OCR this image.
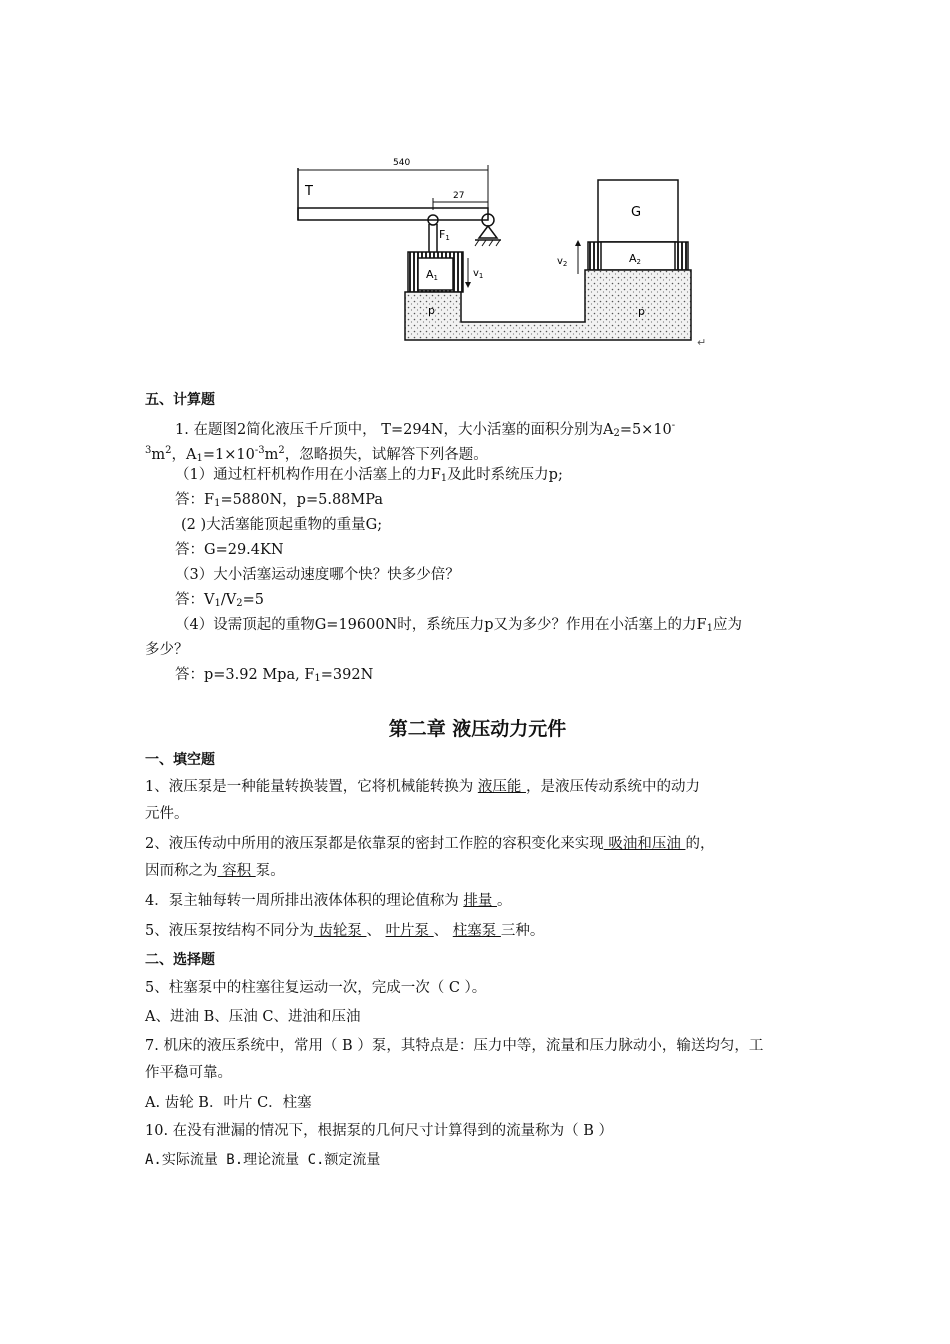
540
27
T
F1
A1	$v_1$
G
A2
$v_2$
p	p
↵
五、计算题
1. 在题图2简化液压千斤顶中， T=294N，大小活塞的面积分别为$A_2=5\times 10^-$
$^3m^2$，$A_1=1\times 10^{-3}m^2$，忽略损失，试解答下列各题。
（1）通过杠杆机构作用在小活塞上的力$F_1$及此时系统压力p;
答：$F_1=5880N$，p=5.88MPa
(2 )大活塞能顶起重物的重量G;
答：G=29.4KN
（3）大小活塞运动速度哪个快？快多少倍？
答：$V_1/V_2=5$
（4）设需顶起的重物G=19600N时，系统压力p又为多少？作用在小活塞上的力$F_1$应为
多少？
答：p=3.92 Mpa, $F_1=392N$
第二章 液压动力元件
一、填空题
1、液压泵是一种能量转换装置，它将机械能转换为 液压能 ，是液压传动系统中的动力
元件。
2、液压传动中所用的液压泵都是依靠泵的密封工作腔的容积变化来实现 吸油和压油 的，
因而称之为 容积 泵。
4．泵主轴每转一周所排出液体体积的理论值称为 排量 。
5、液压泵按结构不同分为 齿轮泵 、 叶片泵 、 柱塞泵 三种。
二、选择题
5、柱塞泵中的柱塞往复运动一次，完成一次（ C ）。
A、进油 B、压油 C、进油和压油
7. 机床的液压系统中，常用（ B ）泵，其特点是：压力中等，流量和压力脉动小，输送均匀，工
作平稳可靠。
A. 齿轮 B．叶片 C．柱塞
10. 在没有泄漏的情况下，根据泵的几何尺寸计算得到的流量称为（ B ）
A.实际流量 B.理论流量 C.额定流量
